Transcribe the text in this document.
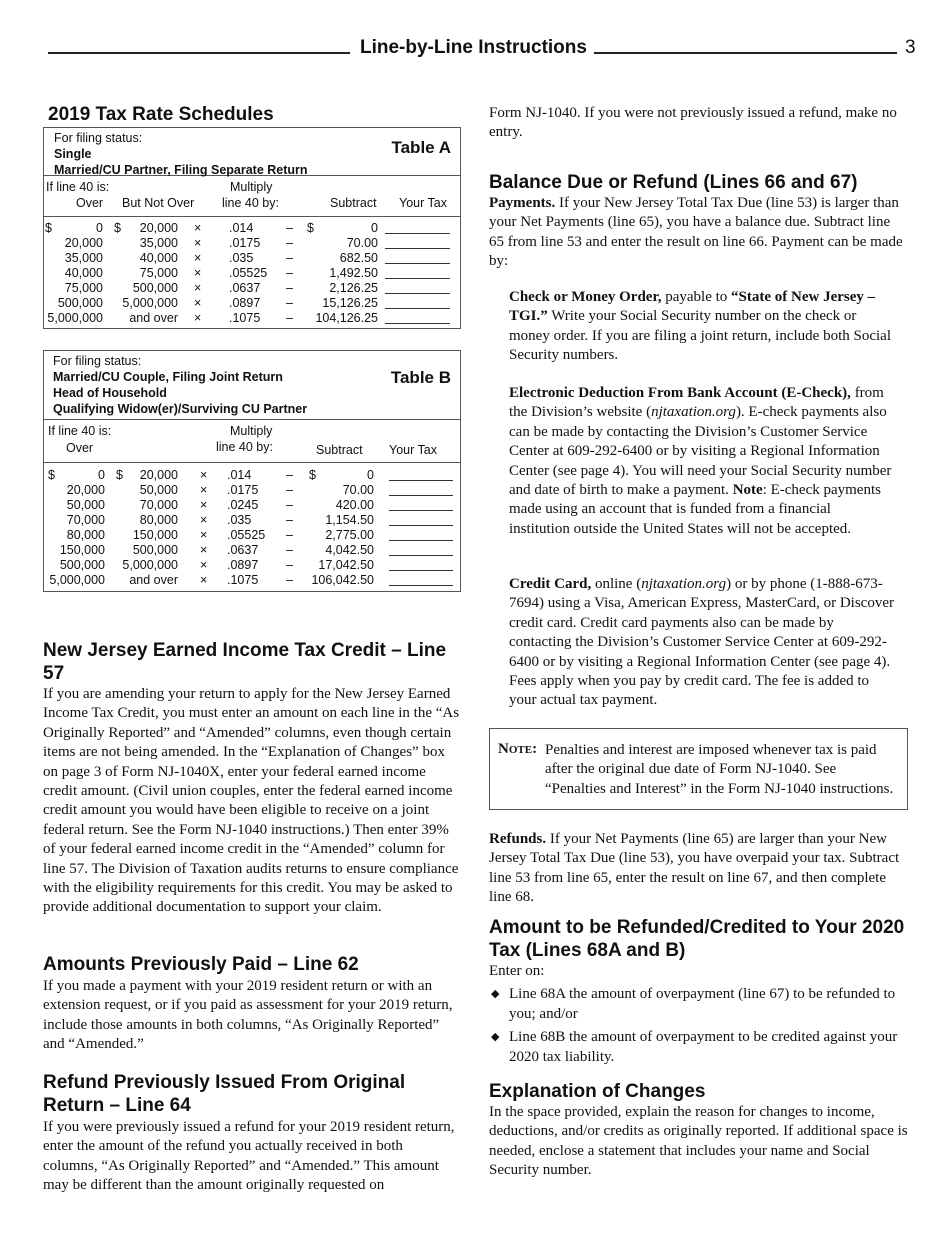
Line-by-Line Instructions	3
2019 Tax Rate Schedules
For filing status:
Single
Married/CU Partner, Filing Separate Return
Table A
If line 40 is:
Over But Not Over
Multiply
line 40 by:	Subtract Your Tax
$	$	$
0	20,000 × .014	–	0
20,000	35,000 × .0175 –	70.00
35,000	40,000 × .035	–	682.50
40,000	75,000 × .05525 –	1,492.50
75,000	500,000 × .0637 –	2,126.25
500,000	5,000,000 × .0897 –	15,126.25
5,000,000	and over × .1075 –	104,126.25
For filing status:
Married/CU Couple, Filing Joint Return
Head of Household
Qualifying Widow(er)/Surviving CU Partner
Table B
If line 40 is:
Over
Multiply
line 40 by:	Subtract Your Tax
$	$	$
0	20,000 × .014	–	0
20,000	50,000 × .0175 –	70.00
50,000	70,000 × .0245 –	420.00
70,000	80,000 × .035	–	1,154.50
80,000	150,000 × .05525 –	2,775.00
150,000	500,000 × .0637 –	4,042.50
500,000	5,000,000 × .0897 –	17,042.50
5,000,000	and over × .1075 –	106,042.50
New Jersey Earned Income Tax Credit – Line 57

If you are amending your return to apply for the New Jersey Earned Income Tax Credit, you must enter an amount on each line in the “As Originally Reported” and “Amended” columns, even though certain items are not being amended. In the “Explanation of Changes” box on page 3 of Form NJ-1040X, enter your federal earned income credit amount. (Civil union couples, enter the federal earned income credit amount you would have been eligible to receive on a joint federal return. See the Form NJ-1040 instructions.) Then enter 39% of your federal earned income credit in the “Amended” column for line 57. The Division of Taxation audits returns to ensure compliance with the eligibility requirements for this credit. You may be asked to provide additional documentation to support your claim.

Amounts Previously Paid – Line 62

If you made a payment with your 2019 resident return or with an extension request, or if you paid as assessment for your 2019 return, include those amounts in both columns, “As Originally Reported” and “Amended.”

Refund Previously Issued From Original Return – Line 64

If you were previously issued a refund for your 2019 resident return, enter the amount of the refund you actually received in both columns, “As Originally Reported” and “Amended.” This amount may be different than the amount originally requested on

Form NJ-1040. If you were not previously issued a refund, make no entry.

Balance Due or Refund (Lines 66 and 67)

Payments. If your New Jersey Total Tax Due (line 53) is larger than your Net Payments (line 65), you have a balance due. Subtract line 65 from line 53 and enter the result on line 66. Payment can be made by:

Check or Money Order, payable to “State of New Jersey – TGI.” Write your Social Security number on the check or money order. If you are filing a joint return, include both Social Security numbers.

Electronic Deduction From Bank Account (E-Check), from the Division’s website (njtaxation.org). E-check payments also can be made by contacting the Division’s Customer Service Center at 609-292-6400 or by visiting a Regional Information Center (see page 4). You will need your Social Security number and date of birth to make a payment. Note: E-check payments made using an account that is funded from a financial institution outside the United States will not be accepted.

Credit Card, online (njtaxation.org) or by phone (1-888-673-7694) using a Visa, American Express, MasterCard, or Discover credit card. Credit card payments also can be made by contacting the Division’s Customer Service Center at 609-292-6400 or by visiting a Regional Information Center (see page 4). Fees apply when you pay by credit card. The fee is added to your actual tax payment.

Note: Penalties and interest are imposed whenever tax is paid after the original due date of Form NJ-1040. See “Penalties and Interest” in the Form NJ-1040 instructions.

Refunds. If your Net Payments (line 65) are larger than your New Jersey Total Tax Due (line 53), you have overpaid your tax. Subtract line 53 from line 65, enter the result on line 67, and then complete line 68.

Amount to be Refunded/Credited to Your 2020 Tax (Lines 68A and B)

Enter on:

◆ Line 68A the amount of overpayment (line 67) to be refunded to you; and/or

◆ Line 68B the amount of overpayment to be credited against your 2020 tax liability.

Explanation of Changes

In the space provided, explain the reason for changes to income, deductions, and/or credits as originally reported. If additional space is needed, enclose a statement that includes your name and Social Security number.
